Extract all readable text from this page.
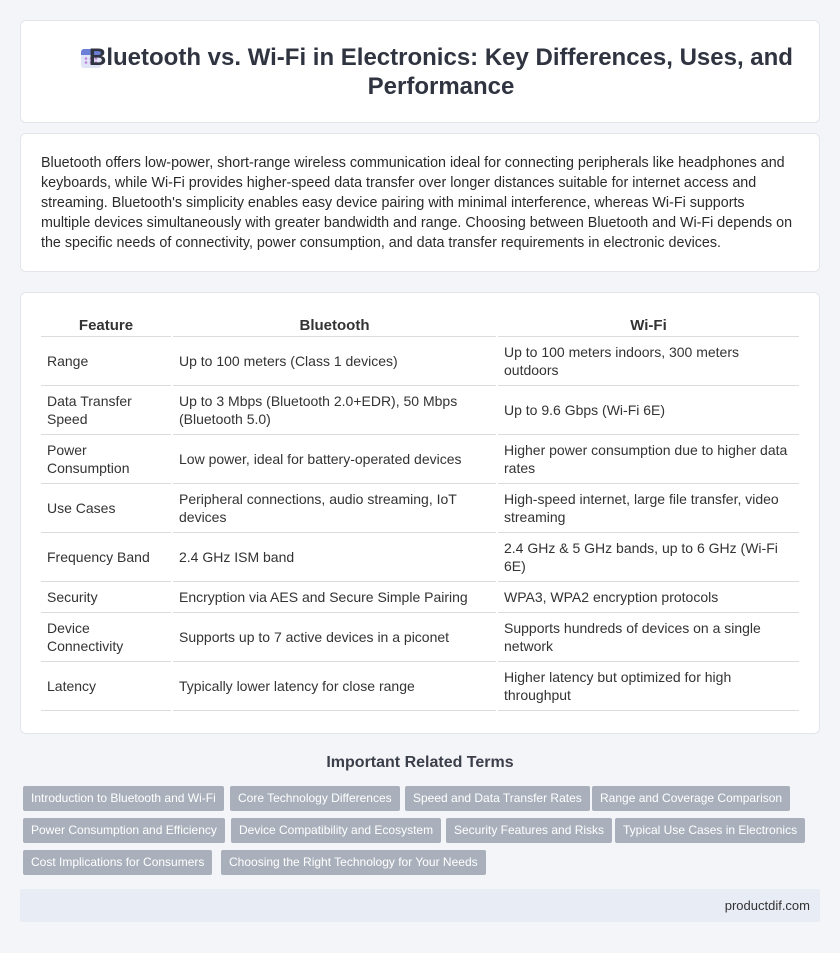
Bluetooth vs. Wi-Fi in Electronics: Key Differences, Uses, and Performance

Bluetooth offers low-power, short-range wireless communication ideal for connecting peripherals like headphones and keyboards, while Wi-Fi provides higher-speed data transfer over longer distances suitable for internet access and streaming. Bluetooth's simplicity enables easy device pairing with minimal interference, whereas Wi-Fi supports multiple devices simultaneously with greater bandwidth and range. Choosing between Bluetooth and Wi-Fi depends on the specific needs of connectivity, power consumption, and data transfer requirements in electronic devices.

Feature	Bluetooth	Wi-Fi
Range	Up to 100 meters (Class 1 devices)	Up to 100 meters indoors, 300 meters outdoors
Data Transfer Speed	Up to 3 Mbps (Bluetooth 2.0+EDR), 50 Mbps (Bluetooth 5.0)	Up to 9.6 Gbps (Wi-Fi 6E)
Power Consumption	Low power, ideal for battery-operated devices	Higher power consumption due to higher data rates
Use Cases	Peripheral connections, audio streaming, IoT devices	High-speed internet, large file transfer, video streaming
Frequency Band	2.4 GHz ISM band	2.4 GHz & 5 GHz bands, up to 6 GHz (Wi-Fi 6E)
Security	Encryption via AES and Secure Simple Pairing	WPA3, WPA2 encryption protocols
Device Connectivity	Supports up to 7 active devices in a piconet	Supports hundreds of devices on a single network
Latency	Typically lower latency for close range	Higher latency but optimized for high throughput
Important Related Terms
Introduction to Bluetooth and Wi-Fi	Core Technology Differences	Speed and Data Transfer Rates	Range and Coverage Comparison
Power Consumption and Efficiency	Device Compatibility and Ecosystem	Security Features and Risks	Typical Use Cases in Electronics
Cost Implications for Consumers	Choosing the Right Technology for Your Needs
productdif.com
